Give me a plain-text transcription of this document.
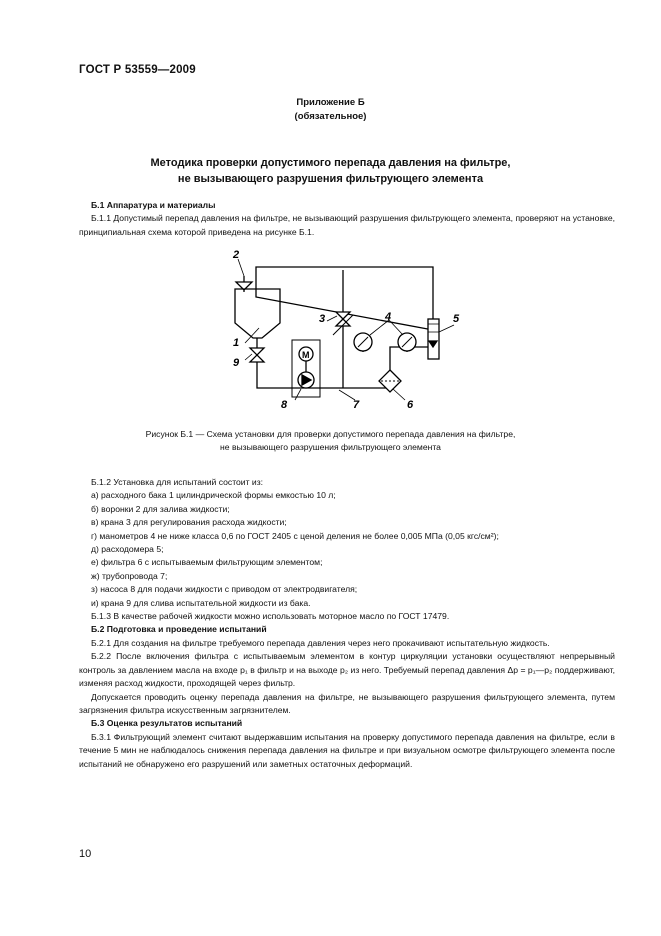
ГОСТ Р 53559—2009
Приложение Б
(обязательное)
Методика проверки допустимого перепада давления на фильтре,
не вызывающего разрушения фильтрующего элемента

Б.1 Аппаратура и материалы

Б.1.1 Допустимый перепад давления на фильтре, не вызывающий разрушения фильтрующего элемента, проверяют на установке, принципиальная схема которой приведена на рисунке Б.1.

2
1
9
3	4	5
6
7
8
M
Рисунок Б.1 — Схема установки для проверки допустимого перепада давления на фильтре,
не вызывающего разрушения фильтрующего элемента

Б.1.2 Установка для испытаний состоит из:

а) расходного бака 1 цилиндрической формы емкостью 10 л;

б) воронки 2 для залива жидкости;

в) крана 3 для регулирования расхода жидкости;

г) манометров 4 не ниже класса 0,6 по ГОСТ 2405 с ценой деления не более 0,005 МПа (0,05 кгс/см²);

д) расходомера 5;

е) фильтра 6 с испытываемым фильтрующим элементом;

ж) трубопровода 7;

з) насоса 8 для подачи жидкости с приводом от электродвигателя;

и) крана 9 для слива испытательной жидкости из бака.

Б.1.3 В качестве рабочей жидкости можно использовать моторное масло по ГОСТ 17479.

Б.2 Подготовка и проведение испытаний

Б.2.1 Для создания на фильтре требуемого перепада давления через него прокачивают испытательную жидкость.

Б.2.2 После включения фильтра с испытываемым элементом в контур циркуляции установки осуществляют непрерывный контроль за давлением масла на входе p₁ в фильтр и на выходе p₂ из него. Требуемый перепад давления Δp = p₁—p₂ поддерживают, изменяя расход жидкости, проходящей через фильтр.

Допускается проводить оценку перепада давления на фильтре, не вызывающего разрушения фильтрующего элемента, путем загрязнения фильтра искусственным загрязнителем.

Б.3 Оценка результатов испытаний

Б.3.1 Фильтрующий элемент считают выдержавшим испытания на проверку допустимого перепада давления на фильтре, если в течение 5 мин не наблюдалось снижения перепада давления на фильтре и при визуальном осмотре фильтрующего элемента после испытаний не обнаружено его разрушений или заметных остаточных деформаций.

10
